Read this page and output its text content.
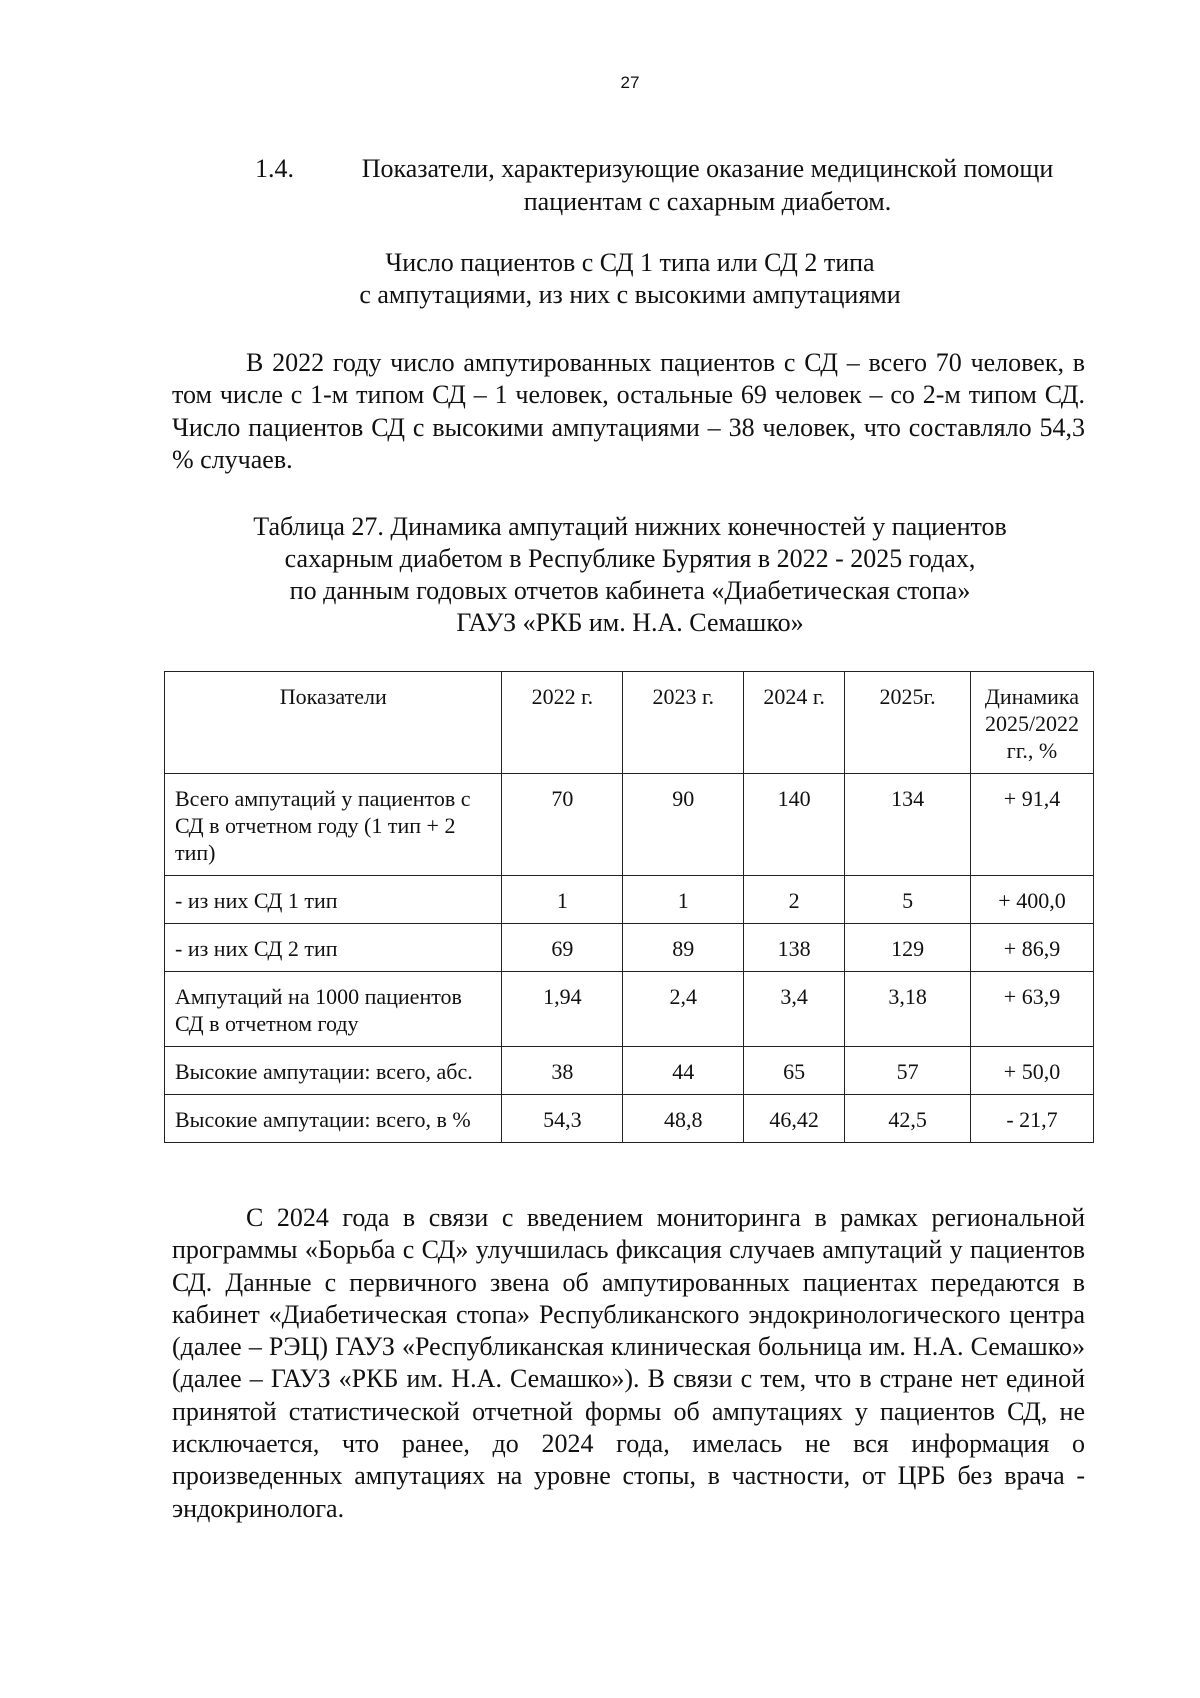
27
1.4.	Показатели, характеризующие оказание медицинской помощи пациентам с сахарным диабетом.
Число пациентов с СД 1 типа или СД 2 типа
с ампутациями, из них с высокими ампутациями

В 2022 году число ампутированных пациентов с СД – всего 70 человек, в том числе с 1-м типом СД – 1 человек, остальные 69 человек – со 2-м типом СД. Число пациентов СД с высокими ампутациями – 38 человек, что составляло 54,3 % случаев.

Таблица 27. Динамика ампутаций нижних конечностей у пациентов
сахарным диабетом в Республике Бурятия в 2022 - 2025 годах,
по данным годовых отчетов кабинета «Диабетическая стопа»
ГАУЗ «РКБ им. Н.А. Семашко»
Показатели	2022 г.	2023 г.	2024 г.	2025г.	Динамика 2025/2022 гг., %
Всего ампутаций у пациентов с СД в отчетном году (1 тип + 2 тип)	70	90	140	134	+ 91,4
- из них СД 1 тип	1	1	2	5	+ 400,0
- из них СД 2 тип	69	89	138	129	+ 86,9
Ампутаций на 1000 пациентов СД в отчетном году	1,94	2,4	3,4	3,18	+ 63,9
Высокие ампутации: всего, абс.	38	44	65	57	+ 50,0
Высокие ампутации: всего, в %	54,3	48,8	46,42	42,5	- 21,7

С 2024 года в связи с введением мониторинга в рамках региональной программы «Борьба с СД» улучшилась фиксация случаев ампутаций у пациентов СД. Данные с первичного звена об ампутированных пациентах передаются в кабинет «Диабетическая стопа» Республиканского эндокринологического центра (далее – РЭЦ) ГАУЗ «Республиканская клиническая больница им. Н.А. Семашко» (далее – ГАУЗ «РКБ им. Н.А. Семашко»). В связи с тем, что в стране нет единой принятой статистической отчетной формы об ампутациях у пациентов СД, не исключается, что ранее, до 2024 года, имелась не вся информация о произведенных ампутациях на уровне стопы, в частности, от ЦРБ без врача - эндокринолога.
